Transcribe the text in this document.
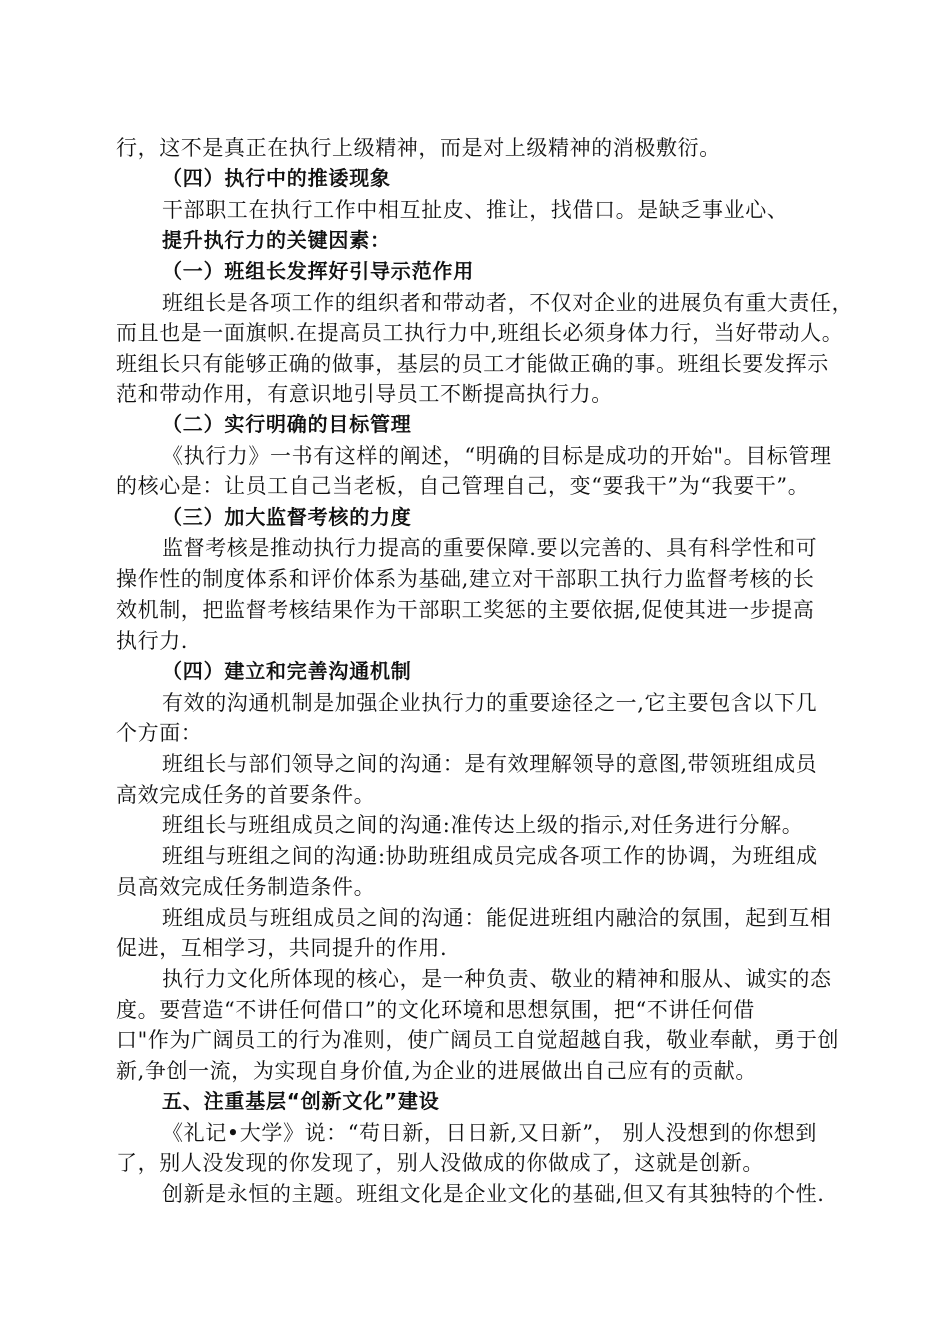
行，这不是真正在执行上级精神，而是对上级精神的消极敷衍。
（四）执行中的推诿现象
干部职工在执行工作中相互扯皮、推让，找借口。是缺乏事业心、
提升执行力的关键因素：
（一）班组长发挥好引导示范作用
班组长是各项工作的组织者和带动者，不仅对企业的进展负有重大责任，
而且也是一面旗帜.在提高员工执行力中,班组长必须身体力行，当好带动人。
班组长只有能够正确的做事，基层的员工才能做正确的事。班组长要发挥示
范和带动作用，有意识地引导员工不断提高执行力。
（二）实行明确的目标管理
《执行力》一书有这样的阐述，“明确的目标是成功的开始"。目标管理
的核心是：让员工自己当老板，自己管理自己，变“要我干”为“我要干”。
（三）加大监督考核的力度
监督考核是推动执行力提高的重要保障.要以完善的、具有科学性和可
操作性的制度体系和评价体系为基础,建立对干部职工执行力监督考核的长
效机制，把监督考核结果作为干部职工奖惩的主要依据,促使其进一步提高
执行力.
（四）建立和完善沟通机制
有效的沟通机制是加强企业执行力的重要途径之一,它主要包含以下几
个方面：
班组长与部们领导之间的沟通：是有效理解领导的意图,带领班组成员
高效完成任务的首要条件。
班组长与班组成员之间的沟通:准传达上级的指示,对任务进行分解。
班组与班组之间的沟通:协助班组成员完成各项工作的协调，为班组成
员高效完成任务制造条件。
班组成员与班组成员之间的沟通：能促进班组内融洽的氛围，起到互相
促进，互相学习，共同提升的作用.
执行力文化所体现的核心，是一种负责、敬业的精神和服从、诚实的态
度。要营造“不讲任何借口”的文化环境和思想氛围，把“不讲任何借
口"作为广阔员工的行为准则，使广阔员工自觉超越自我，敬业奉献，勇于创
新,争创一流，为实现自身价值,为企业的进展做出自己应有的贡献。
五、注重基层“创新文化”建设
《礼记•大学》说：“苟日新，日日新,又日新”， 别人没想到的你想到
了，别人没发现的你发现了，别人没做成的你做成了，这就是创新。
创新是永恒的主题。班组文化是企业文化的基础,但又有其独特的个性.
